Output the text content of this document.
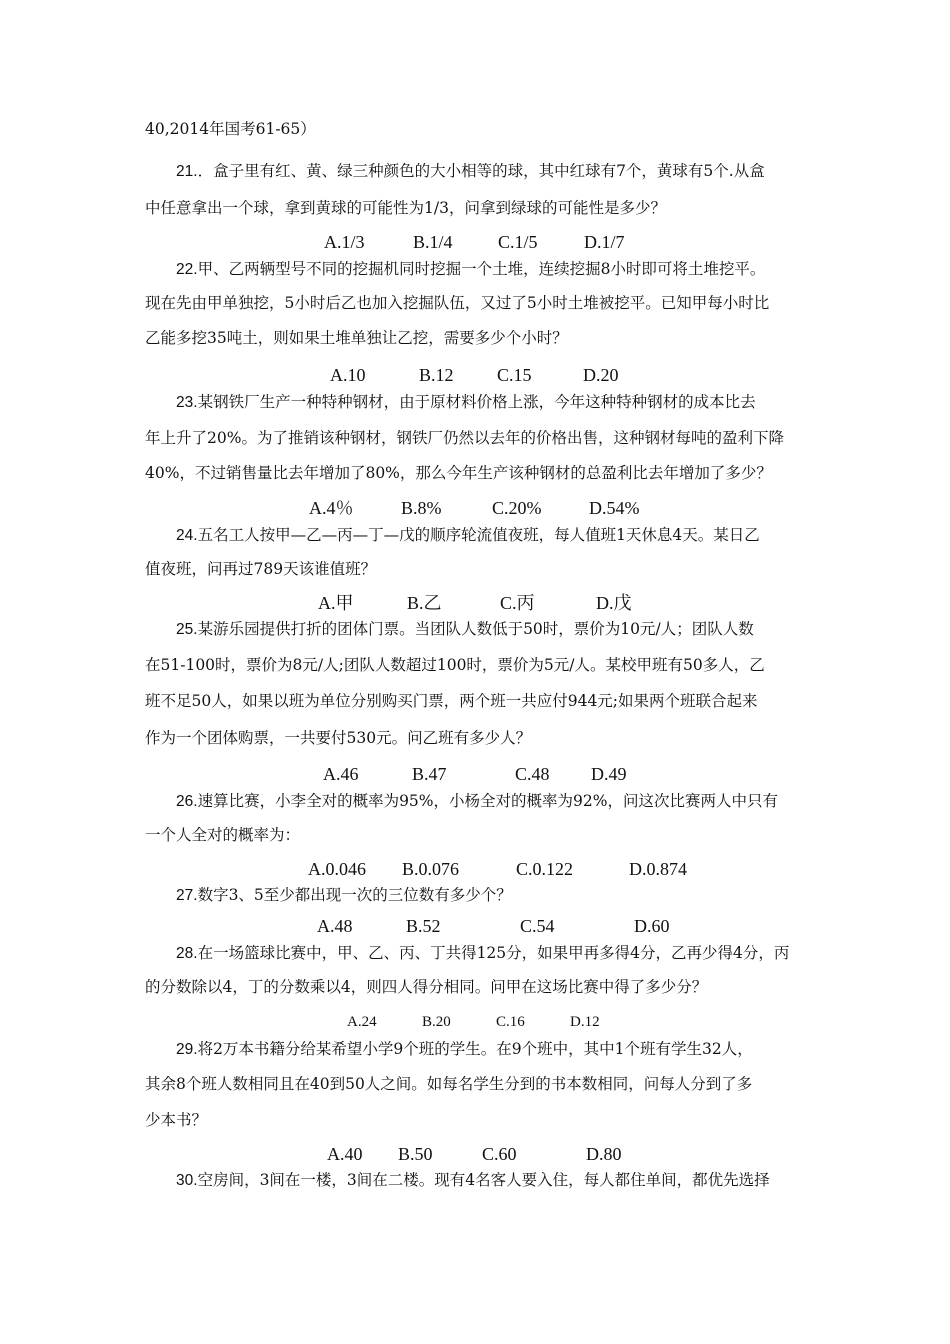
40,2014年国考61-65）
21.．盒子里有红、黄、绿三种颜色的大小相等的球，其中红球有7个，黄球有5个.从盒
中任意拿出一个球，拿到黄球的可能性为1/3，问拿到绿球的可能性是多少？
A.1/3	B.1/4	C.1/5	D.1/7
22.甲、乙两辆型号不同的挖掘机同时挖掘一个土堆，连续挖掘8小时即可将土堆挖平。
现在先由甲单独挖，5小时后乙也加入挖掘队伍，又过了5小时土堆被挖平。已知甲每小时比
乙能多挖35吨土，则如果土堆单独让乙挖，需要多少个小时？
A.10	B.12 C.15	D.20
23.某钢铁厂生产一种特种钢材，由于原材料价格上涨，今年这种特种钢材的成本比去
年上升了20%。为了推销该种钢材，钢铁厂仍然以去年的价格出售，这种钢材每吨的盈利下降
40%，不过销售量比去年增加了80%，那么今年生产该种钢材的总盈利比去年增加了多少？
A.4％	B.8%	C.20%	D.54%
24.五名工人按甲—乙—丙—丁—戊的顺序轮流值夜班，每人值班1天休息4天。某日乙
值夜班，问再过789天该谁值班？
A.甲	B.乙	C.丙	D.戊
25.某游乐园提供打折的团体门票。当团队人数低于50时，票价为10元/人；团队人数
在51-100时，票价为8元/人;团队人数超过100时，票价为5元/人。某校甲班有50多人，乙
班不足50人，如果以班为单位分别购买门票，两个班一共应付944元;如果两个班联合起来
作为一个团体购票，一共要付530元。问乙班有多少人？
A.46	B.47	C.48 D.49
26.速算比赛，小李全对的概率为95%，小杨全对的概率为92%，问这次比赛两人中只有
一个人全对的概率为：
A.0.046 B.0.076	C.0.122	D.0.874
27.数字3、5至少都出现一次的三位数有多少个？
A.48	B.52	C.54	D.60
28.在一场篮球比赛中，甲、乙、丙、丁共得125分，如果甲再多得4分，乙再少得4分，丙
的分数除以4，丁的分数乘以4，则四人得分相同。问甲在这场比赛中得了多少分？
A.24	B.20	C.16	D.12
29.将2万本书籍分给某希望小学9个班的学生。在9个班中，其中1个班有学生32人，
其余8个班人数相同且在40到50人之间。如每名学生分到的书本数相同，问每人分到了多
少本书？
A.40 B.50	C.60	D.80
30.空房间，3间在一楼，3间在二楼。现有4名客人要入住，每人都住单间，都优先选择
